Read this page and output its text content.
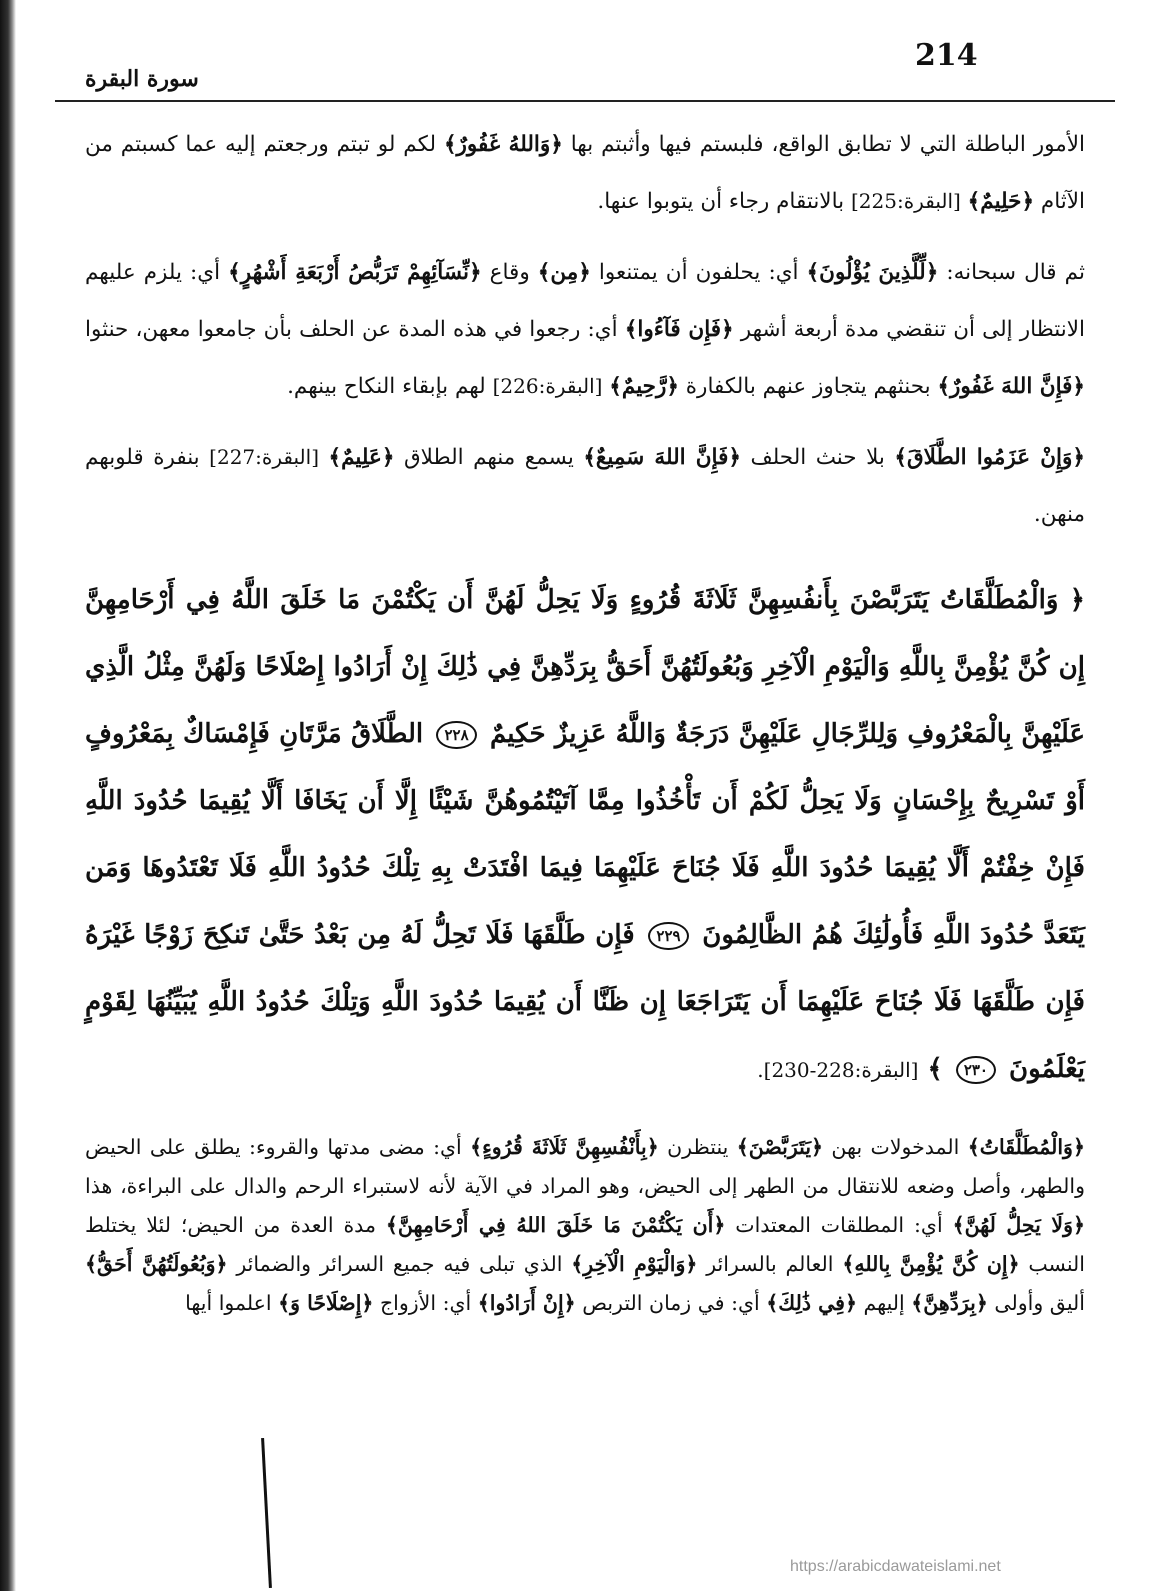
214
سورة البقرة

الأمور الباطلة التي لا تطابق الواقع، فلبستم فيها وأثبتم بها ﴿وَاللهُ غَفُورٌ﴾ لكم لو تبتم ورجعتم إليه عما كسبتم من الآثام ﴿حَلِيمٌ﴾ [البقرة:225] بالانتقام رجاء أن يتوبوا عنها.

ثم قال سبحانه: ﴿لِّلَّذِينَ يُؤْلُونَ﴾ أي: يحلفون أن يمتنعوا ﴿مِن﴾ وقاع ﴿نِّسَآئِهِمْ تَرَبُّصُ أَرْبَعَةِ أَشْهُرٍ﴾ أي: يلزم عليهم الانتظار إلى أن تنقضي مدة أربعة أشهر ﴿فَإِن فَآءُوا﴾ أي: رجعوا في هذه المدة عن الحلف بأن جامعوا معهن، حنثوا ﴿فَإِنَّ اللهَ غَفُورٌ﴾ بحنثهم يتجاوز عنهم بالكفارة ﴿رَّحِيمٌ﴾ [البقرة:226] لهم بإبقاء النكاح بينهم.

﴿وَإِنْ عَزَمُوا الطَّلَاقَ﴾ بلا حنث الحلف ﴿فَإِنَّ اللهَ سَمِيعٌ﴾ يسمع منهم الطلاق ﴿عَلِيمٌ﴾ [البقرة:227] بنفرة قلوبهم منهن.

﴿ وَالْمُطَلَّقَاتُ يَتَرَبَّصْنَ بِأَنفُسِهِنَّ ثَلَاثَةَ قُرُوءٍ وَلَا يَحِلُّ لَهُنَّ أَن يَكْتُمْنَ مَا خَلَقَ اللَّهُ فِي أَرْحَامِهِنَّ إِن كُنَّ يُؤْمِنَّ بِاللَّهِ وَالْيَوْمِ الْآخِرِ وَبُعُولَتُهُنَّ أَحَقُّ بِرَدِّهِنَّ فِي ذَٰلِكَ إِنْ أَرَادُوا إِصْلَاحًا وَلَهُنَّ مِثْلُ الَّذِي عَلَيْهِنَّ بِالْمَعْرُوفِ وَلِلرِّجَالِ عَلَيْهِنَّ دَرَجَةٌ وَاللَّهُ عَزِيزٌ حَكِيمٌ ٢٢٨ الطَّلَاقُ مَرَّتَانِ فَإِمْسَاكٌ بِمَعْرُوفٍ أَوْ تَسْرِيحٌ بِإِحْسَانٍ وَلَا يَحِلُّ لَكُمْ أَن تَأْخُذُوا مِمَّا آتَيْتُمُوهُنَّ شَيْئًا إِلَّا أَن يَخَافَا أَلَّا يُقِيمَا حُدُودَ اللَّهِ فَإِنْ خِفْتُمْ أَلَّا يُقِيمَا حُدُودَ اللَّهِ فَلَا جُنَاحَ عَلَيْهِمَا فِيمَا افْتَدَتْ بِهِ تِلْكَ حُدُودُ اللَّهِ فَلَا تَعْتَدُوهَا وَمَن يَتَعَدَّ حُدُودَ اللَّهِ فَأُولَٰئِكَ هُمُ الظَّالِمُونَ ٢٢٩ فَإِن طَلَّقَهَا فَلَا تَحِلُّ لَهُ مِن بَعْدُ حَتَّىٰ تَنكِحَ زَوْجًا غَيْرَهُ فَإِن طَلَّقَهَا فَلَا جُنَاحَ عَلَيْهِمَا أَن يَتَرَاجَعَا إِن ظَنَّا أَن يُقِيمَا حُدُودَ اللَّهِ وَتِلْكَ حُدُودُ اللَّهِ يُبَيِّنُهَا لِقَوْمٍ يَعْلَمُونَ ٢٣٠ ﴾ [البقرة:228-230].

﴿وَالْمُطَلَّقَاتُ﴾ المدخولات بهن ﴿يَتَرَبَّصْنَ﴾ ينتظرن ﴿بِأَنْفُسِهِنَّ ثَلَاثَةَ قُرُوءٍ﴾ أي: مضى مدتها والقروء: يطلق على الحيض والطهر، وأصل وضعه للانتقال من الطهر إلى الحيض، وهو المراد في الآية لأنه لاستبراء الرحم والدال على البراءة، هذا ﴿وَلَا يَحِلُّ لَهُنَّ﴾ أي: المطلقات المعتدات ﴿أَن يَكْتُمْنَ مَا خَلَقَ اللهُ فِي أَرْحَامِهِنَّ﴾ مدة العدة من الحيض؛ لئلا يختلط النسب ﴿إِن كُنَّ يُؤْمِنَّ بِاللهِ﴾ العالم بالسرائر ﴿وَالْيَوْمِ الْآخِرِ﴾ الذي تبلى فيه جميع السرائر والضمائر ﴿وَبُعُولَتُهُنَّ أَحَقُّ﴾ أليق وأولى ﴿بِرَدِّهِنَّ﴾ إليهم ﴿فِي ذَٰلِكَ﴾ أي: في زمان التربص ﴿إِنْ أَرَادُوا﴾ أي: الأزواج ﴿إِصْلَاحًا وَ﴾ اعلموا أيها

https://arabicdawateislami.net
